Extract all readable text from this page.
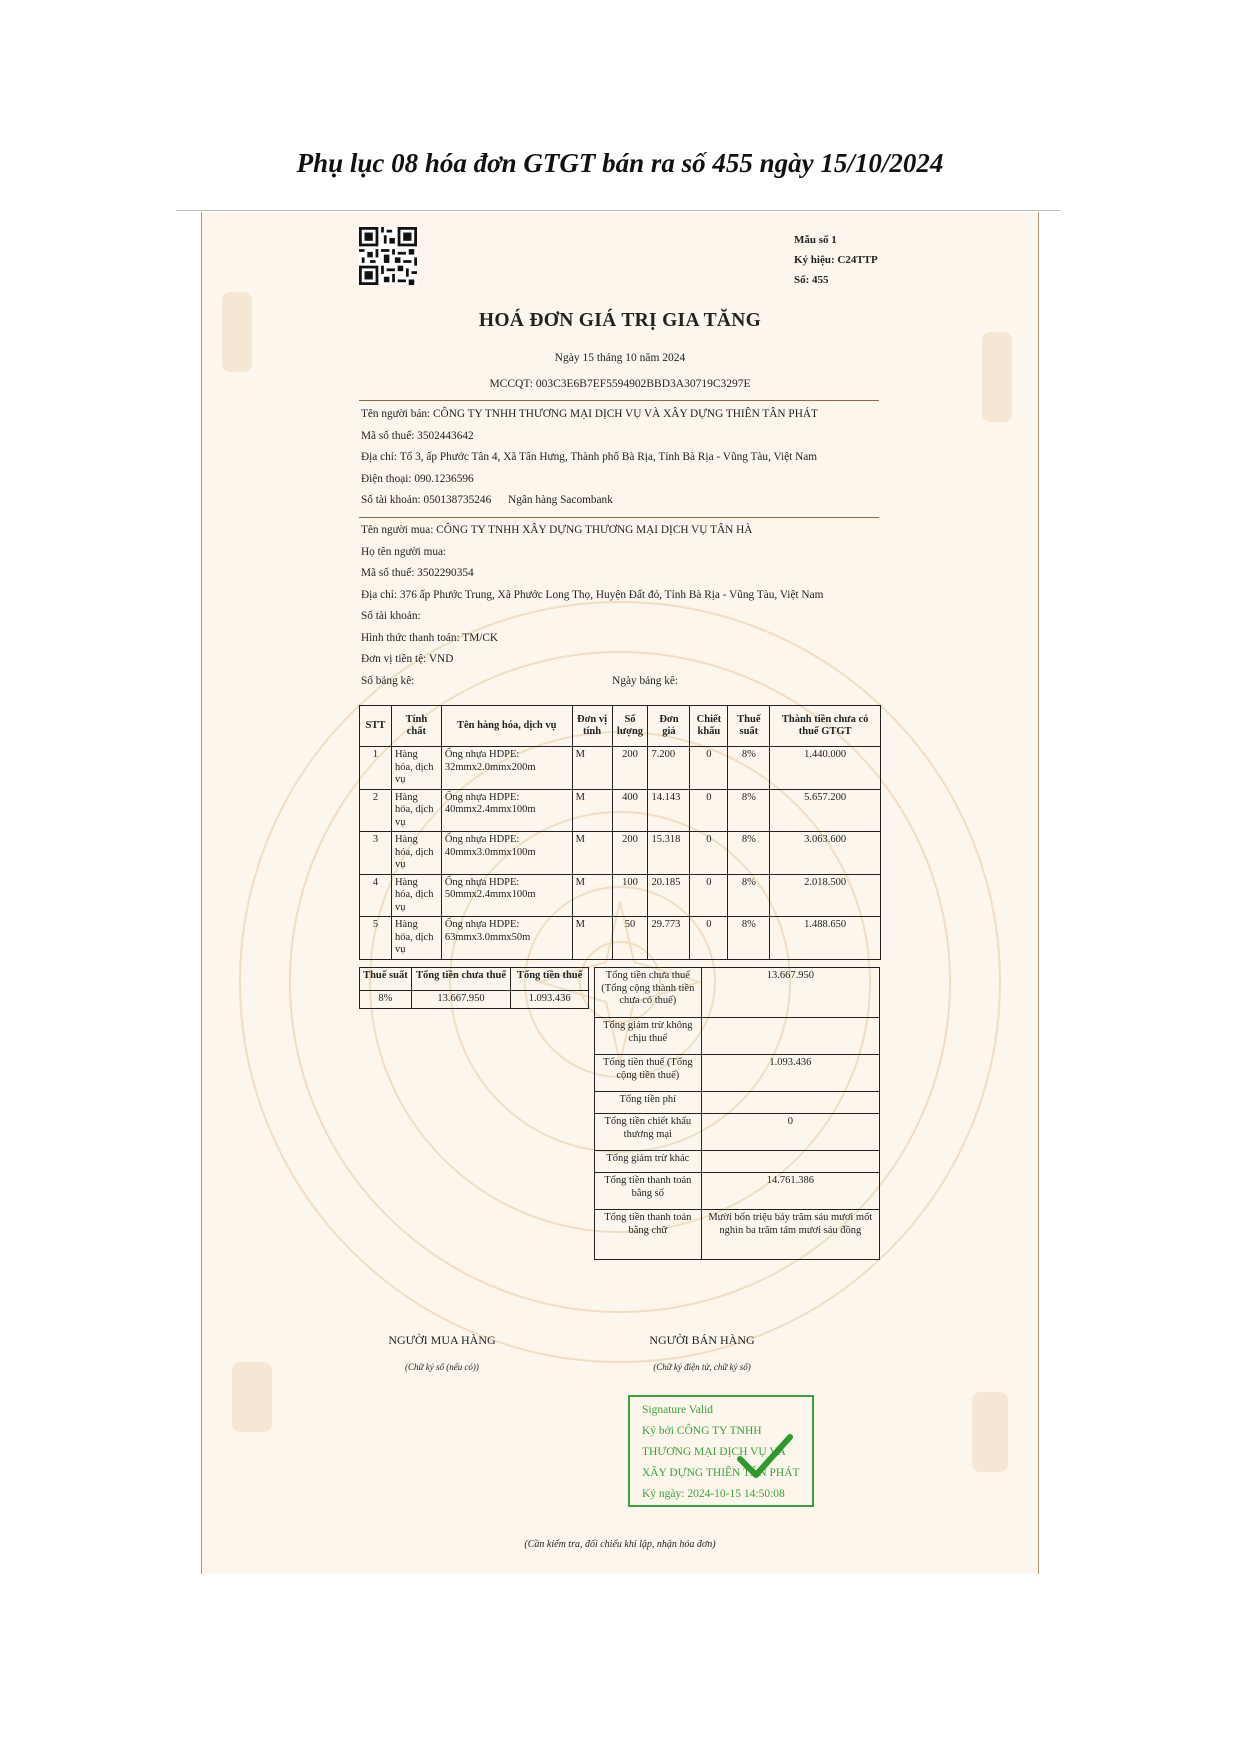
Phụ lục 08 hóa đơn GTGT bán ra số 455 ngày 15/10/2024
Mẫu số 1
Ký hiệu: C24TTP
Số: 455
HOÁ ĐƠN GIÁ TRỊ GIA TĂNG
Ngày 15 tháng 10 năm 2024
MCCQT: 003C3E6B7EF5594902BBD3A30719C3297E
Tên người bán: CÔNG TY TNHH THƯƠNG MẠI DỊCH VỤ VÀ XÂY DỰNG THIÊN TÂN PHÁT
Mã số thuế: 3502443642
Địa chỉ: Tổ 3, ấp Phước Tân 4, Xã Tân Hưng, Thành phố Bà Rịa, Tỉnh Bà Rịa - Vũng Tàu, Việt Nam
Điện thoại: 090.1236596
Số tài khoản: 050138735246 Ngân hàng Sacombank
Tên người mua: CÔNG TY TNHH XÂY DỰNG THƯƠNG MẠI DỊCH VỤ TÂN HÀ
Họ tên người mua:
Mã số thuế: 3502290354
Địa chỉ: 376 ấp Phước Trung, Xã Phước Long Thọ, Huyện Đất đỏ, Tỉnh Bà Rịa - Vũng Tàu, Việt Nam
Số tài khoản:
Hình thức thanh toán: TM/CK
Đơn vị tiền tệ: VND
Số bảng kê:	Ngày bảng kê:
STT	Tính chất	Tên hàng hóa, dịch vụ	Đơn vị tính	Số lượng	Đơn giá	Chiết khấu	Thuế suất	Thành tiền chưa có thuế GTGT
1	Hàng hóa, dịch vụ	Ống nhựa HDPE: 32mmx2.0mmx200m	M	200	7.200	0	8%	1.440.000
2	Hàng hóa, dịch vụ	Ống nhựa HDPE: 40mmx2.4mmx100m	M	400	14.143	0	8%	5.657.200
3	Hàng hóa, dịch vụ	Ống nhựa HDPE: 40mmx3.0mmx100m	M	200	15.318	0	8%	3.063.600
4	Hàng hóa, dịch vụ	Ống nhựa HDPE: 50mmx2.4mmx100m	M	100	20.185	0	8%	2.018.500
5	Hàng hóa, dịch vụ	Ống nhựa HDPE: 63mmx3.0mmx50m	M	50	29.773	0	8%	1.488.650
Thuế suất	Tổng tiền chưa thuế	Tổng tiền thuế
8%	13.667.950	1.093.436
Tổng tiền chưa thuế (Tổng cộng thành tiền chưa có thuế)	13.667.950
Tổng giảm trừ không chịu thuế	
Tổng tiền thuế (Tổng cộng tiền thuế)	1.093.436
Tổng tiền phí	
Tổng tiền chiết khấu thương mại	0
Tổng giảm trừ khác	
Tổng tiền thanh toán bằng số	14.761.386
Tổng tiền thanh toán bằng chữ	Mười bốn triệu bảy trăm sáu mươi mốt nghìn ba trăm tám mươi sáu đồng
NGƯỜI MUA HÀNG
(Chữ ký số (nếu có))
NGƯỜI BÁN HÀNG
(Chữ ký điện tử, chữ ký số)
Signature Valid
Ký bởi CÔNG TY TNHH
THƯƠNG MẠI DỊCH VỤ VÀ
XÂY DỰNG THIÊN TÂN PHÁT
Ký ngày: 2024-10-15 14:50:08
(Cần kiểm tra, đối chiếu khi lập, nhận hóa đơn)
